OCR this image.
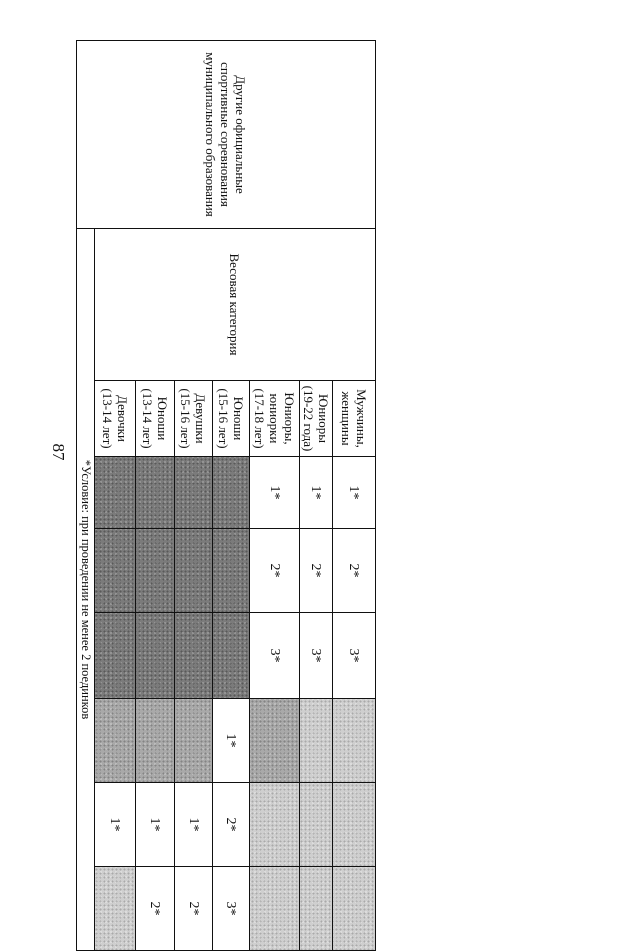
87
Другие официальные спортивные соревнования муниципального образования	Весовая категория	Мужчины, женщины	1*	2*	3*			
		Юниоры (19-22 года)	1*	2*	3*			
		Юниоры, юниорки (17-18 лет)	1*	2*	3*			
		Юноши (15-16 лет)				1*	2*	3*
		Девушки (15-16 лет)					1*	2*
		Юноши (13-14 лет)					1*	2*
		Девочки (13-14 лет)					1*	
	*Условие: при проведении не менее 2 поединков							
